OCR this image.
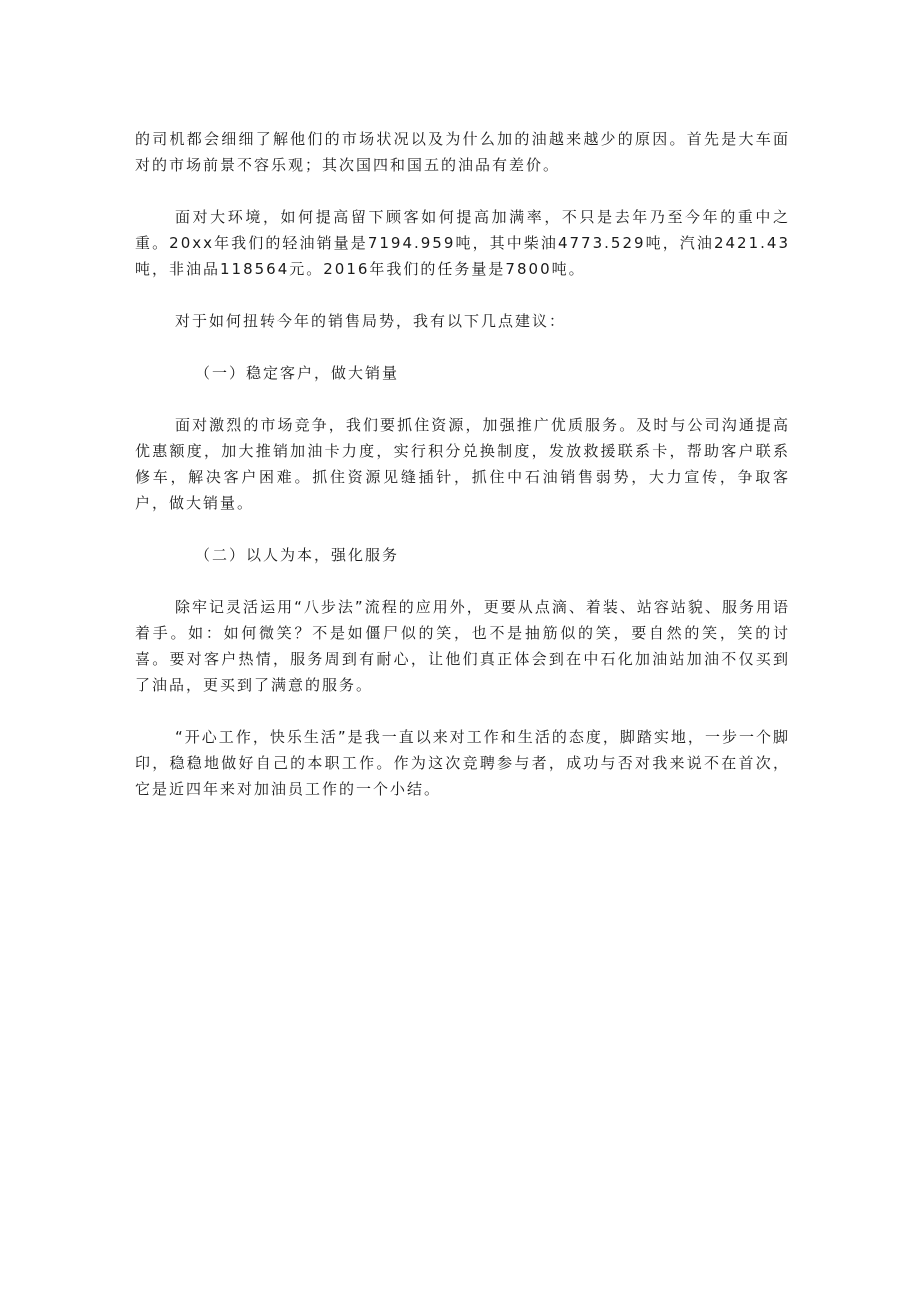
的司机都会细细了解他们的市场状况以及为什么加的油越来越少的原因。首先是大车面对的市场前景不容乐观；其次国四和国五的油品有差价。

面对大环境，如何提高留下顾客如何提高加满率，不只是去年乃至今年的重中之重。20xx年我们的轻油销量是7194.959吨，其中柴油4773.529吨，汽油2421.43吨，非油品118564元。2016年我们的任务量是7800吨。

对于如何扭转今年的销售局势，我有以下几点建议：

（一）稳定客户，做大销量

面对激烈的市场竞争，我们要抓住资源，加强推广优质服务。及时与公司沟通提高优惠额度，加大推销加油卡力度，实行积分兑换制度，发放救援联系卡，帮助客户联系修车，解决客户困难。抓住资源见缝插针，抓住中石油销售弱势，大力宣传，争取客户，做大销量。

（二）以人为本，强化服务

除牢记灵活运用“八步法”流程的应用外，更要从点滴、着装、站容站貌、服务用语着手。如：如何微笑？不是如僵尸似的笑，也不是抽筋似的笑，要自然的笑，笑的讨喜。要对客户热情，服务周到有耐心，让他们真正体会到在中石化加油站加油不仅买到了油品，更买到了满意的服务。

“开心工作，快乐生活”是我一直以来对工作和生活的态度，脚踏实地，一步一个脚印，稳稳地做好自己的本职工作。作为这次竞聘参与者，成功与否对我来说不在首次，它是近四年来对加油员工作的一个小结。
